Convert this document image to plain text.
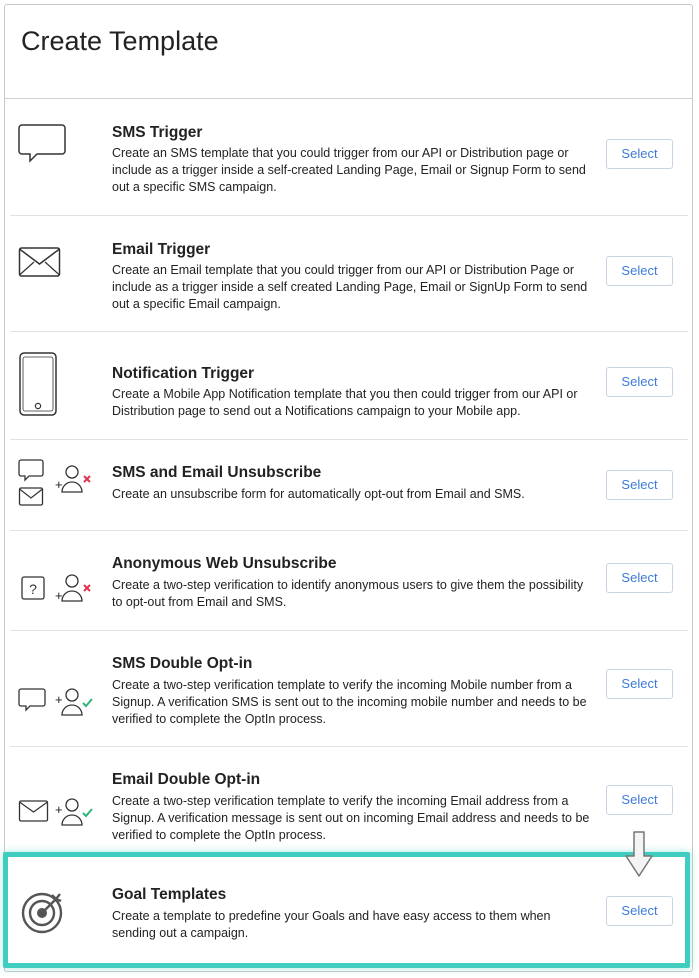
Create Template
SMS Trigger
Create an SMS template that you could trigger from our API or Distribution page or include as a trigger inside a self-created Landing Page, Email or Signup Form to send out a specific SMS campaign.
Select
Email Trigger
Create an Email template that you could trigger from our API or Distribution Page or include as a trigger inside a self created Landing Page, Email or SignUp Form to send out a specific Email campaign.
Select
Notification Trigger
Create a Mobile App Notification template that you then could trigger from our API or Distribution page to send out a Notifications campaign to your Mobile app.
Select
+
SMS and Email Unsubscribe
Create an unsubscribe form for automatically opt-out from Email and SMS.
Select
? +
Anonymous Web Unsubscribe
Create a two-step verification to identify anonymous users to give them the possibility to opt-out from Email and SMS.
Select
+
SMS Double Opt-in
Create a two-step verification template to verify the incoming Mobile number from a Signup. A verification SMS is sent out to the incoming mobile number and needs to be verified to complete the OptIn process.
Select
+
Email Double Opt-in
Create a two-step verification template to verify the incoming Email address from a Signup. A verification message is sent out on incoming Email address and needs to be verified to complete the OptIn process.
Select
Goal Templates
Create a template to predefine your Goals and have easy access to them when sending out a campaign.
Select
